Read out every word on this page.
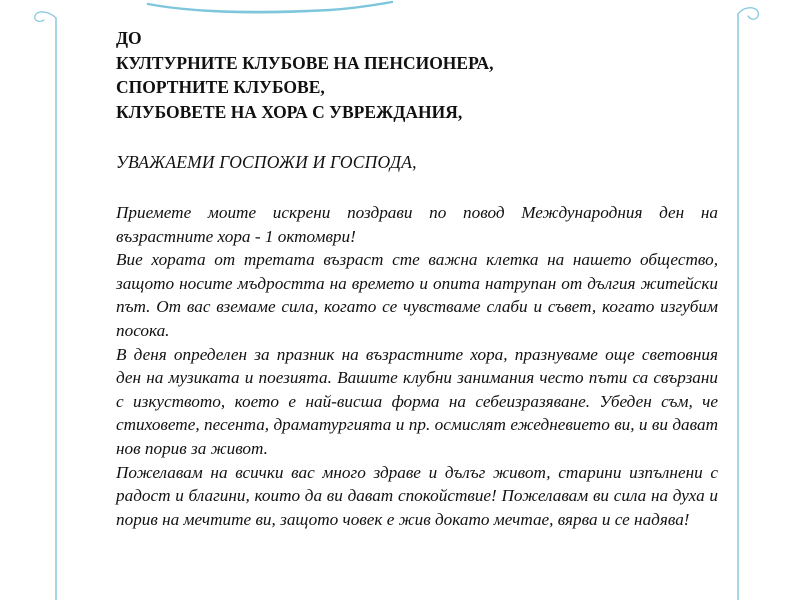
ДО
КУЛТУРНИТЕ КЛУБОВЕ НА ПЕНСИОНЕРА,
СПОРТНИТЕ КЛУБОВЕ,
КЛУБОВЕТЕ НА ХОРА С УВРЕЖДАНИЯ,

УВАЖАЕМИ ГОСПОЖИ И ГОСПОДА,

Приемете моите искрени поздрави по повод Международния ден на възрастните хора - 1 октомври!

Вие хората от третата възраст сте важна клетка на нашето общество, защото носите мъдростта на времето и опита натрупан от дългия житейски път. От вас вземаме сила, когато се чувстваме слаби и съвет, когато изгубим посока.

В деня определен за празник на възрастните хора, празнуваме още световния ден на музиката и поезията. Вашите клубни занимания често пъти са свързани с изкуството, което е най-висша форма на себеизразяване. Убеден съм, че стиховете, песента, драматургията и пр. осмислят ежедневието ви, и ви дават нов порив за живот.

Пожелавам на всички вас много здраве и дълъг живот, старини изпълнени с радост и благини, които да ви дават спокойствие! Пожелавам ви сила на духа и порив на мечтите ви, защото човек е жив докато мечтае, вярва и се надява!
